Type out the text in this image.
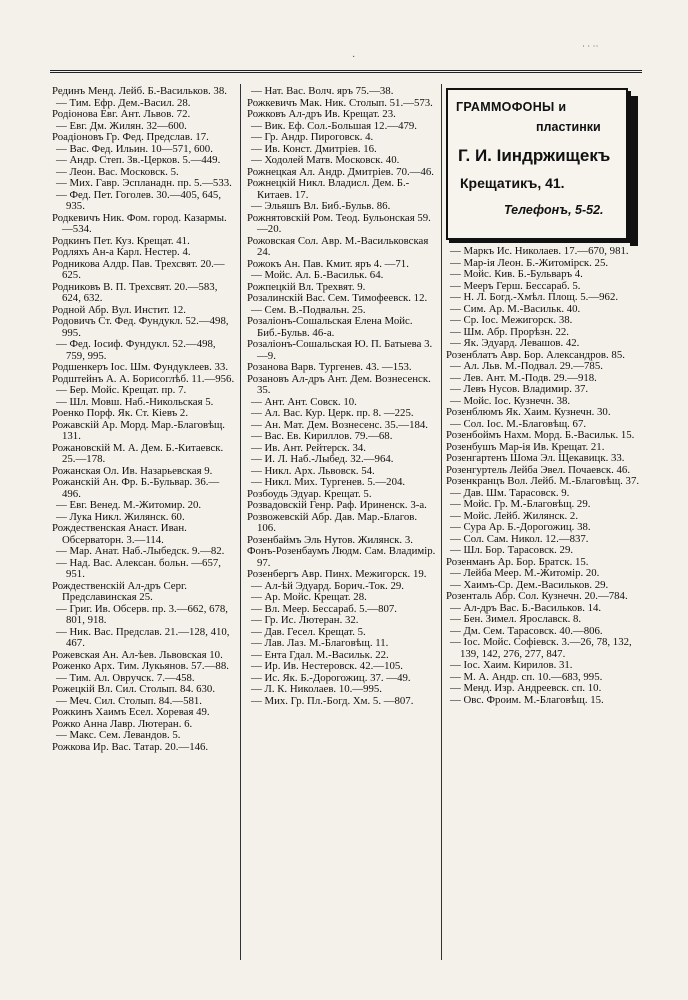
·
˙ ˙ ˙˙

Рединъ Менд. Лейб. Б.-Васильков. 38.

— Тим. Ефр. Дем.-Васил. 28.

Родіонова Евг. Ант. Львов. 72.

— Евг. Дм. Жилян. 32—600.

Роадіоновъ Гр. Фед. Предслав. 17.

— Вас. Фед. Ильин. 10—571, 600.

— Андр. Степ. Зв.-Церков. 5.—449.

— Леон. Вас. Московск. 5.

— Мих. Гавр. Эспланадн. пр. 5.—533.

— Фед. Пет. Гоголев. 30.—405, 645, 935.

Родкевичъ Ник. Фом. город. Казармы. —534.

Родкинъ Пет. Куз. Крещат. 41.

Родляхъ Ан-а Карл. Нестер. 4.

Родникова Алдр. Пав. Трехсвят. 20.—625.

Родниковъ В. П. Трехсвят. 20.—583, 624, 632.

Родной Абр. Вул. Инстит. 12.

Родовичъ Ст. Фед. Фундукл. 52.—498, 995.

— Фед. Іосиф. Фундукл. 52.—498, 759, 995.

Родшенкеръ Іос. Шм. Фундуклеев. 33.

Родштейнъ А. А. Борисоглѣб. 11.—956.

— Бер. Мойс. Крещат. пр. 7.

— Шл. Мовш. Наб.-Никольская 5.

Роенко Порф. Як. Ст. Кіевъ 2.

Рожавскій Ар. Морд. Мар.-Благовѣщ. 131.

Рожановскій М. А. Дем. Б.-Китаевск. 25.—178.

Рожанская Ол. Ив. Назарьевская 9.

Рожанскій Ан. Фр. Б.-Бульвар. 36.—496.

— Евг. Венед. М.-Житомир. 20.

— Лука Никл. Жилянск. 60.

Рождественская Анаст. Иван. Обсерваторн. 3.—114.

— Мар. Анат. Наб.-Лыбедск. 9.—82.

— Над. Вас. Алексан. больн. —657, 951.

Рождественскій Ал-дръ Серг. Предславинская 25.

— Григ. Ив. Обсерв. пр. 3.—662, 678, 801, 918.

— Ник. Вас. Предслав. 21.—128, 410, 467.

Рожевская Ан. Ал-ѣев. Львовская 10.

Роженко Арх. Тим. Лукьянов. 57.—88.

— Тим. Ал. Овручск. 7.—458.

Рожецкій Вл. Сил. Столып. 84. 630.

— Меч. Сил. Столып. 84.—581.

Рожкинъ Хаимъ Есел. Хоревая 49.

Рожко Анна Лавр. Лютеран. 6.

— Макс. Сем. Левандов. 5.

Рожкова Ир. Вас. Татар. 20.—146.

— Нат. Вас. Волч. яръ 75.—38.

Рожкевичъ Мак. Ник. Столып. 51.—573.

Рожковъ Ал-дръ Ив. Крещат. 23.

— Вик. Еф. Сол.-Большая 12.—479.

— Гр. Андр. Пироговск. 4.

— Ив. Конст. Дмитріев. 16.

— Ходолей Матв. Московск. 40.

Рожнецкая Ал. Андр. Дмитріев. 70.—46.

Рожнецкій Никл. Владисл. Дем. Б.-Китаев. 17.

— Эльяшъ Вл. Биб.-Бульв. 86.

Рожнятовскій Ром. Теод. Бульонская 59.—20.

Рожовская Сол. Авр. М.-Васильковская 24.

Рожокъ Ан. Пав. Кмит. яръ 4. —71.

— Мойс. Ал. Б.-Васильк. 64.

Рожпецкій Вл. Трехвят. 9.

Розалинскій Вас. Сем. Тимофеевск. 12.

— Сем. В.-Подвальн. 25.

Розаліонъ-Сошальская Елена Мойс. Биб.-Бульв. 46-а.

Розаліонъ-Сошальская Ю. П. Батыева 3.—9.

Розанова Варв. Тургенев. 43. —153.

Розановъ Ал-дръ Ант. Дем. Вознесенск. 35.

— Ант. Ант. Совск. 10.

— Ал. Вас. Кур. Церк. пр. 8. —225.

— Ан. Мат. Дем. Вознесенс. 35.—184.

— Вас. Ев. Кириллов. 79.—68.

— Ив. Ант. Рейтерск. 34.

— И. Л. Наб.-Лыбед. 32.—964.

— Никл. Арх. Львовск. 54.

— Никл. Мих. Тургенев. 5.—204.

Розбоудь Эдуар. Крещат. 5.

Розвадовскій Генр. Раф. Ириненск. 3-а.

Розвожевскій Абр. Дав. Мар.-Благов. 106.

Розенбаймъ Эль Нутов. Жилянск. 3.

Фонъ-Розенбаумъ Людм. Сам. Владимір. 97.

Розенбергъ Авр. Пинх. Межигорск. 19.

— Ал-ѣй Эдуард. Борич.-Ток. 29.

— Ар. Мойс. Крещат. 28.

— Вл. Меер. Бессараб. 5.—807.

— Гр. Ис. Лютеран. 32.

— Дав. Гесел. Крещат. 5.

— Лав. Лаз. М.-Благовѣщ. 11.

— Ента Гдал. М.-Васильк. 22.

— Ир. Ив. Нестеровск. 42.—105.

— Ис. Як. Б.-Дорогожиц. 37. —49.

— Л. К. Николаев. 10.—995.

— Мих. Гр. Пл.-Богд. Хм. 5. —807.

ГРАММОФОНЫ и
пластинки
Г. И. Іиндржищекъ
Крещатикъ, 41.
Телефонъ, 5-52.

— Маркъ Ис. Николаев. 17.—670, 981.

— Мар-ія Леон. Б.-Житомірск. 25.

— Мойс. Кив. Б.-Бульваръ 4.

— Мееръ Герш. Бессараб. 5.

— Н. Л. Богд.-Хмѣл. Площ. 5.—962.

— Сим. Ар. М.-Васильк. 40.

— Ср. Іос. Межигорск. 38.

— Шм. Абр. Прорѣзн. 22.

— Як. Эдуард. Левашов. 42.

Розенблатъ Авр. Бор. Александров. 85.

— Ал. Льв. М.-Подвал. 29.—785.

— Лев. Ант. М.-Подв. 29.—918.

— Левъ Нусов. Владимир. 37.

— Мойс. Іос. Кузнечн. 38.

Розенблюмъ Як. Хаим. Кузнечн. 30.

— Сол. Іос. М.-Благовѣщ. 67.

Розенбоймъ Нахм. Морд. Б.-Васильк. 15.

Розенбушъ Мар-ія Ив. Крещат. 21.

Розенгартенъ Шома Эл. Щекавицк. 33.

Розенгуртель Лейба Эвел. Почаевск. 46.

Розенкранцъ Вол. Лейб. М.-Благовѣщ. 37.

— Дав. Шм. Тарасовск. 9.

— Мойс. Гр. М.-Благовѣщ. 29.

— Мойс. Лейб. Жилянск. 2.

— Сура Ар. Б.-Дорогожиц. 38.

— Сол. Сам. Никол. 12.—837.

— Шл. Бор. Тарасовск. 29.

Розенманъ Ар. Бор. Братск. 15.

— Лейба Меер. М.-Житомір. 20.

— Хаимъ-Ср. Дем.-Васильков. 29.

Розенталь Абр. Сол. Кузнечн. 20.—784.

— Ал-дръ Вас. Б.-Васильков. 14.

— Бен. Зимел. Ярославск. 8.

— Дм. Сем. Тарасовск. 40.—806.

— Іос. Мойс. Софіевск. 3.—26, 78, 132, 139, 142, 276, 277, 847.

— Іос. Хаим. Кирилов. 31.

— М. А. Андр. сп. 10.—683, 995.

— Менд. Изр. Андреевск. сп. 10.

— Овс. Фроим. М.-Благовѣщ. 15.
